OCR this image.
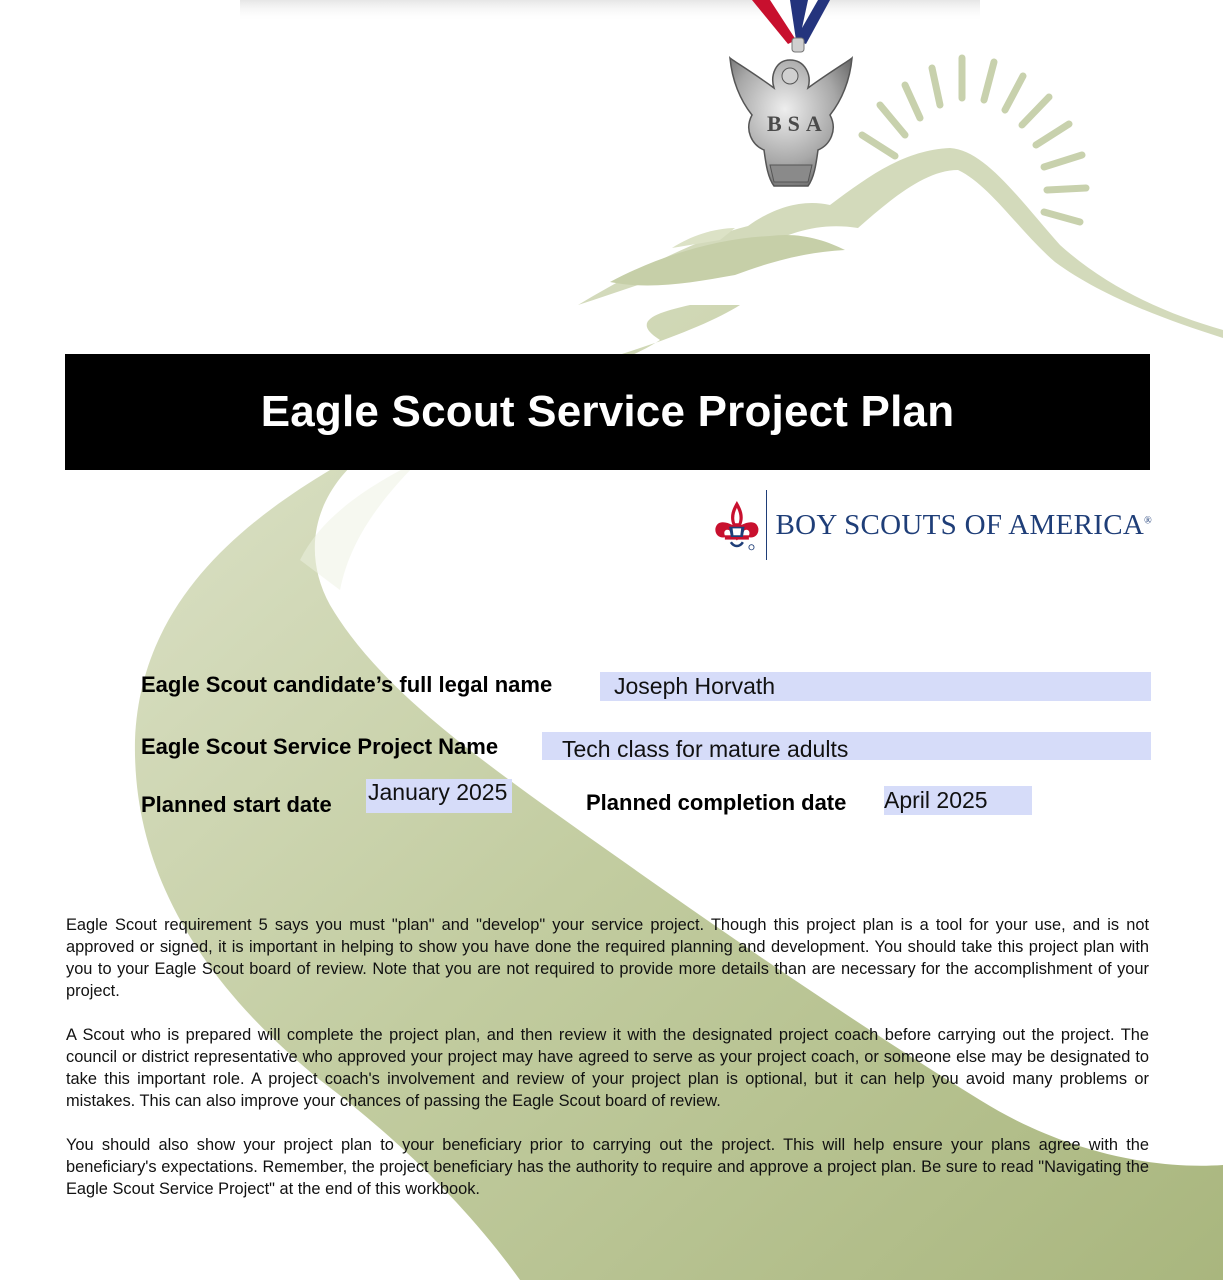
BSA
Eagle Scout Service Project Plan
BOY SCOUTS OF AMERICA®
Eagle Scout candidate’s full legal name	Joseph Horvath
Eagle Scout Service Project Name	Tech class for mature adults
Planned start date January 2025	Planned completion date April 2025

Eagle Scout requirement 5 says you must "plan" and "develop" your service project. Though this project plan is a tool for your use, and is not approved or signed, it is important in helping to show you have done the required planning and development. You should take this project plan with you to your Eagle Scout board of review. Note that you are not required to provide more details than are necessary for the accomplishment of your project.

A Scout who is prepared will complete the project plan, and then review it with the designated project coach before carrying out the project. The council or district representative who approved your project may have agreed to serve as your project coach, or someone else may be designated to take this important role. A project coach's involvement and review of your project plan is optional, but it can help you avoid many problems or mistakes. This can also improve your chances of passing the Eagle Scout board of review.

You should also show your project plan to your beneficiary prior to carrying out the project. This will help ensure your plans agree with the beneficiary's expectations. Remember, the project beneficiary has the authority to require and approve a project plan. Be sure to read "Navigating the Eagle Scout Service Project" at the end of this workbook.
